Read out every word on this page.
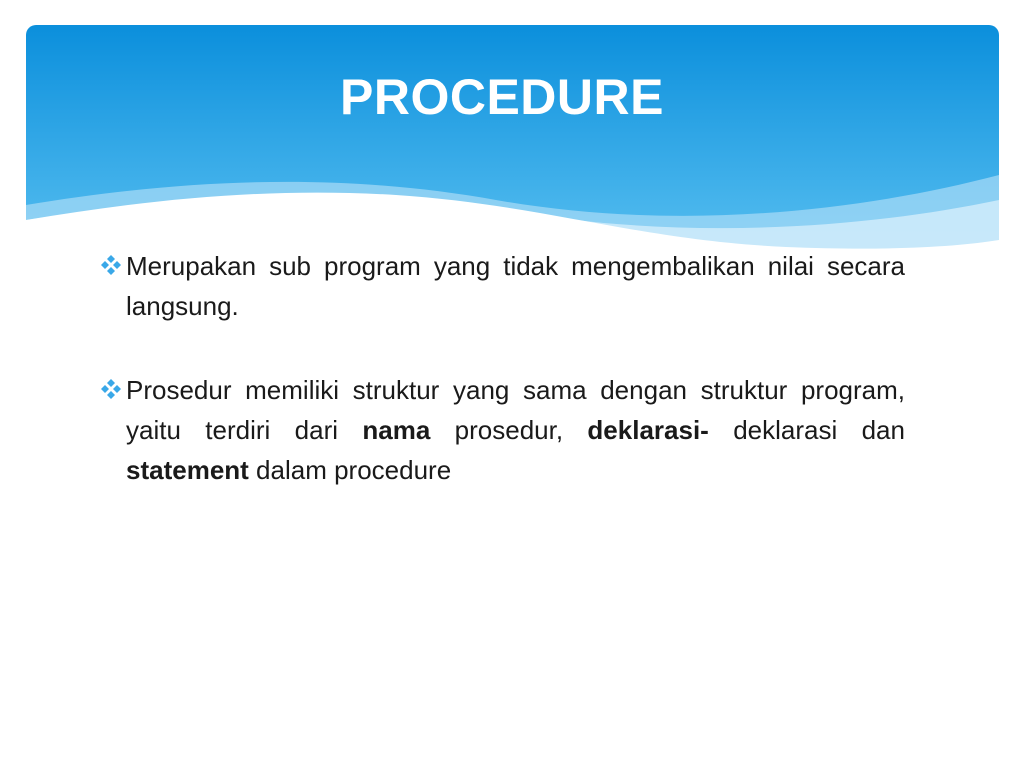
PROCEDURE
Merupakan sub program yang tidak mengembalikan nilai secara langsung.
Prosedur memiliki struktur yang sama dengan struktur program, yaitu terdiri dari nama prosedur, deklarasi- deklarasi dan statement dalam procedure
